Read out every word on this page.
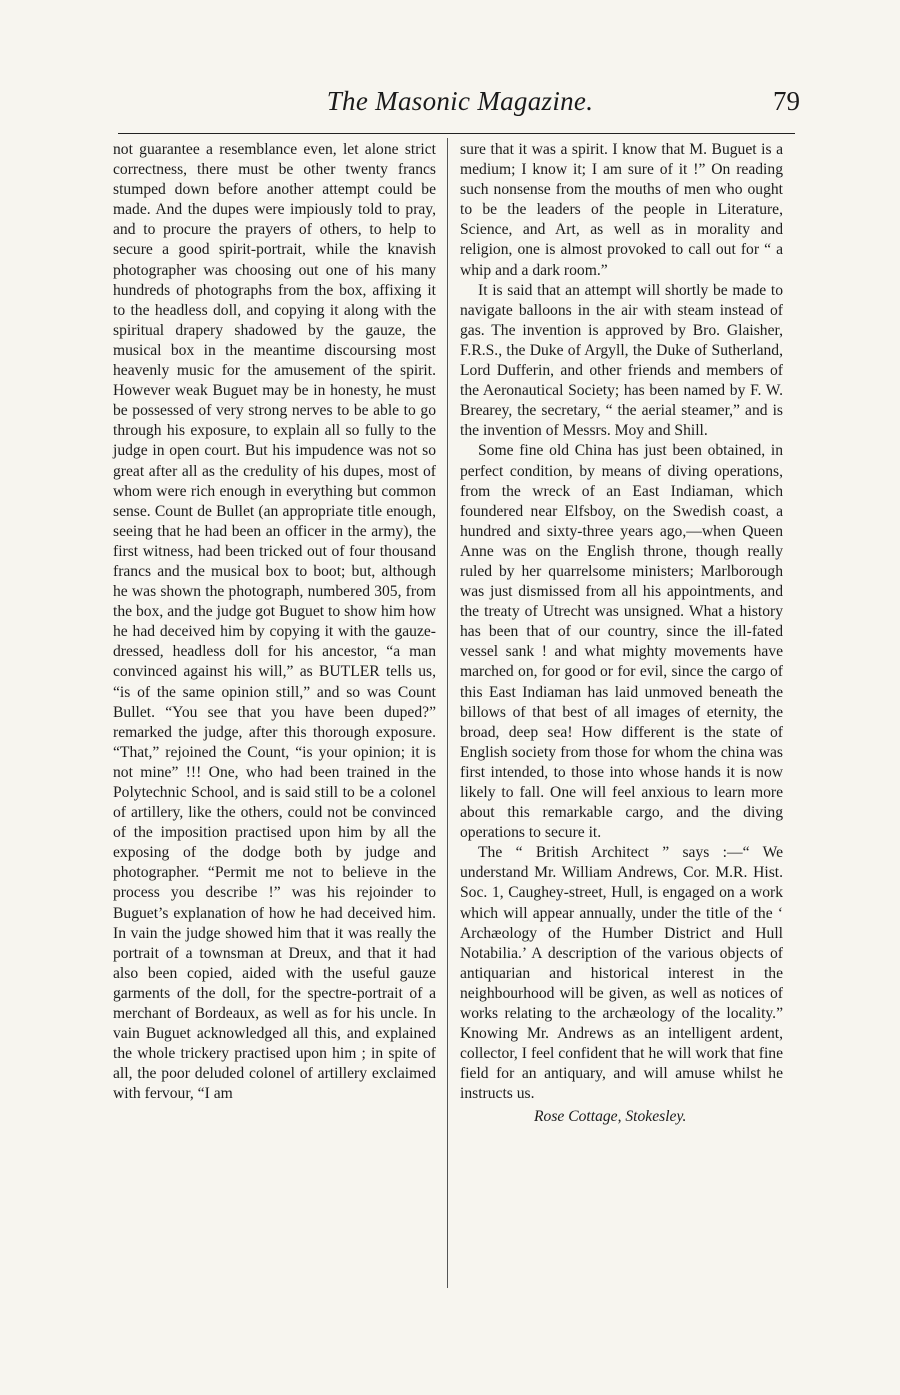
The Masonic Magazine.	79

not guarantee a resemblance even, let alone strict correctness, there must be other twenty francs stumped down before another attempt could be made. And the dupes were impiously told to pray, and to procure the prayers of others, to help to secure a good spirit-portrait, while the knavish photographer was choosing out one of his many hundreds of photographs from the box, affixing it to the headless doll, and copying it along with the spiritual drapery shadowed by the gauze, the musical box in the meantime discoursing most heavenly music for the amusement of the spirit. However weak Buguet may be in honesty, he must be possessed of very strong nerves to be able to go through his exposure, to explain all so fully to the judge in open court. But his impudence was not so great after all as the credulity of his dupes, most of whom were rich enough in everything but common sense. Count de Bullet (an appropriate title enough, seeing that he had been an officer in the army), the first witness, had been tricked out of four thousand francs and the musical box to boot; but, although he was shown the photograph, numbered 305, from the box, and the judge got Buguet to show him how he had deceived him by copying it with the gauze-dressed, headless doll for his ancestor, “a man convinced against his will,” as BUTLER tells us, “is of the same opinion still,” and so was Count Bullet. “You see that you have been duped?” remarked the judge, after this thorough exposure. “That,” rejoined the Count, “is your opinion; it is not mine” !!! One, who had been trained in the Polytechnic School, and is said still to be a colonel of artillery, like the others, could not be convinced of the imposition practised upon him by all the exposing of the dodge both by judge and photographer. “Permit me not to believe in the process you describe !” was his rejoinder to Buguet’s explanation of how he had deceived him. In vain the judge showed him that it was really the portrait of a townsman at Dreux, and that it had also been copied, aided with the useful gauze garments of the doll, for the spectre-portrait of a merchant of Bordeaux, as well as for his uncle. In vain Buguet acknowledged all this, and explained the whole trickery practised upon him ; in spite of all, the poor deluded colonel of artillery exclaimed with fervour, “I am

sure that it was a spirit. I know that M. Buguet is a medium; I know it; I am sure of it !” On reading such nonsense from the mouths of men who ought to be the leaders of the people in Literature, Science, and Art, as well as in morality and religion, one is almost provoked to call out for “ a whip and a dark room.”

It is said that an attempt will shortly be made to navigate balloons in the air with steam instead of gas. The invention is approved by Bro. Glaisher, F.R.S., the Duke of Argyll, the Duke of Sutherland, Lord Dufferin, and other friends and members of the Aeronautical Society; has been named by F. W. Brearey, the secretary, “ the aerial steamer,” and is the invention of Messrs. Moy and Shill.

Some fine old China has just been obtained, in perfect condition, by means of diving operations, from the wreck of an East Indiaman, which foundered near Elfsboy, on the Swedish coast, a hundred and sixty-three years ago,—when Queen Anne was on the English throne, though really ruled by her quarrelsome ministers; Marlborough was just dismissed from all his appointments, and the treaty of Utrecht was unsigned. What a history has been that of our country, since the ill-fated vessel sank ! and what mighty movements have marched on, for good or for evil, since the cargo of this East Indiaman has laid unmoved beneath the billows of that best of all images of eternity, the broad, deep sea! How different is the state of English society from those for whom the china was first intended, to those into whose hands it is now likely to fall. One will feel anxious to learn more about this remarkable cargo, and the diving operations to secure it.

The “ British Architect ” says :—“ We understand Mr. William Andrews, Cor. M.R. Hist. Soc. 1, Caughey-street, Hull, is engaged on a work which will appear annually, under the title of the ‘ Archæology of the Humber District and Hull Notabilia.’ A description of the various objects of antiquarian and historical interest in the neighbourhood will be given, as well as notices of works relating to the archæology of the locality.” Knowing Mr. Andrews as an intelligent ardent, collector, I feel confident that he will work that fine field for an antiquary, and will amuse whilst he instructs us.

Rose Cottage, Stokesley.
